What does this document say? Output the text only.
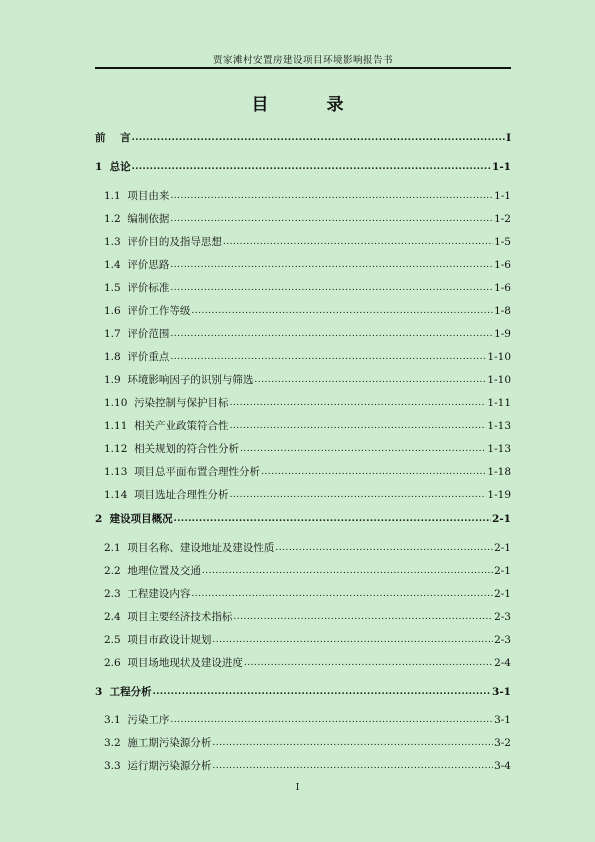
贾家滩村安置房建设项目环境影响报告书
目 录
前    言 .....	I
1 总论 .....	1-1
1.1 项目由来 .....	1-1
1.2 编制依据 .....	1-2
1.3 评价目的及指导思想 .....	1-5
1.4 评价思路 .....	1-6
1.5 评价标准 .....	1-6
1.6 评价工作等级 .....	1-8
1.7 评价范围 .....	1-9
1.8 评价重点 .....	1-10
1.9 环境影响因子的识别与筛选 .....	1-10
1.10 污染控制与保护目标 .....	1-11
1.11 相关产业政策符合性 .....	1-13
1.12 相关规划的符合性分析 .....	1-13
1.13 项目总平面布置合理性分析 .....	1-18
1.14 项目选址合理性分析 .....	1-19
2 建设项目概况 .....	2-1
2.1 项目名称、建设地址及建设性质 .....	2-1
2.2 地理位置及交通 .....	2-1
2.3 工程建设内容 .....	2-1
2.4 项目主要经济技术指标 .....	2-3
2.5 项目市政设计规划 .....	2-3
2.6 项目场地现状及建设进度 .....	2-4
3 工程分析 .....	3-1
3.1 污染工序 .....	3-1
3.2 施工期污染源分析 .....	3-2
3.3 运行期污染源分析 .....	3-4
I
